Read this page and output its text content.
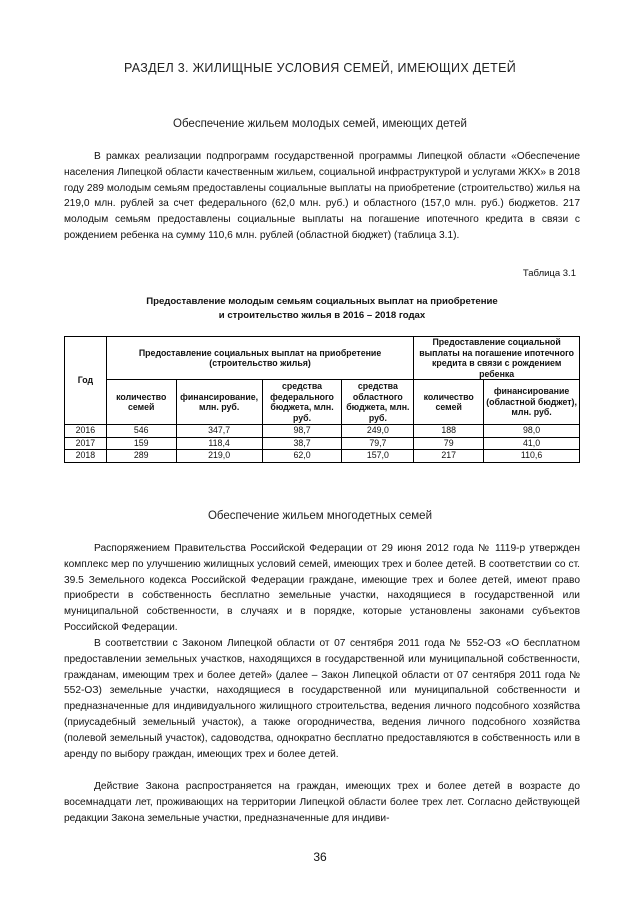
РАЗДЕЛ 3. ЖИЛИЩНЫЕ УСЛОВИЯ СЕМЕЙ, ИМЕЮЩИХ ДЕТЕЙ
Обеспечение жильем молодых семей, имеющих детей

В рамках реализации подпрограмм государственной программы Липецкой области «Обеспечение населения Липецкой области качественным жильем, социальной инфраструктурой и услугами ЖКХ» в 2018 году 289 молодым семьям предоставлены социальные выплаты на приобретение (строительство) жилья на 219,0 млн. рублей за счет федерального (62,0 млн. руб.) и областного (157,0 млн. руб.) бюджетов. 217 молодым семьям предоставлены социальные выплаты на погашение ипотечного кредита в связи с рождением ребенка на сумму 110,6 млн. рублей (областной бюджет) (таблица 3.1).

Таблица 3.1
Предоставление молодым семьям социальных выплат на приобретение
и строительство жилья в 2016 – 2018 годах
Год	Предоставление социальных выплат на приобретение (строительство жилья)				Предоставление социальной выплаты на погашение ипотечного кредита в связи с рождением ребенка	
	количество семей	финансирование, млн. руб.	средства федерального бюджета, млн. руб.	средства областного бюджета, млн. руб.	количество семей	финансирование (областной бюджет), млн. руб.
2016	546	347,7	98,7	249,0	188	98,0
2017	159	118,4	38,7	79,7	79	41,0
2018	289	219,0	62,0	157,0	217	110,6
Обеспечение жильем многодетных семей

Распоряжением Правительства Российской Федерации от 29 июня 2012 года № 1119-р утвержден комплекс мер по улучшению жилищных условий семей, имеющих трех и более детей. В соответствии со ст. 39.5 Земельного кодекса Российской Федерации гражданe, имеющие трех и более детей, имеют право приобрести в собственность бесплатно земельные участки, находящиеся в государственной или муниципальной собственности, в случаях и в порядке, которые установлены законами субъектов Российской Федерации.

В соответствии с Законом Липецкой области от 07 сентября 2011 года № 552-ОЗ «О бесплатном предоставлении земельных участков, находящихся в государственной или муниципальной собственности, гражданам, имеющим трех и более детей» (далее – Закон Липецкой области от 07 сентября 2011 года № 552-ОЗ) земельные участки, находящиеся в государственной или муниципальной собственности и предназначенные для индивидуального жилищного строительства, ведения личного подсобного хозяйства (приусадебный земельный участок), а также огородничества, ведения личного подсобного хозяйства (полевой земельный участок), садоводства, однократно бесплатно предоставляются в собственность или в аренду по выбору граждан, имеющих трех и более детей.

Действие Закона распространяется на граждан, имеющих трех и более детей в возрасте до восемнадцати лет, проживающих на территории Липецкой области более трех лет. Согласно действующей редакции Закона земельные участки, предназначенные для индиви-

36
